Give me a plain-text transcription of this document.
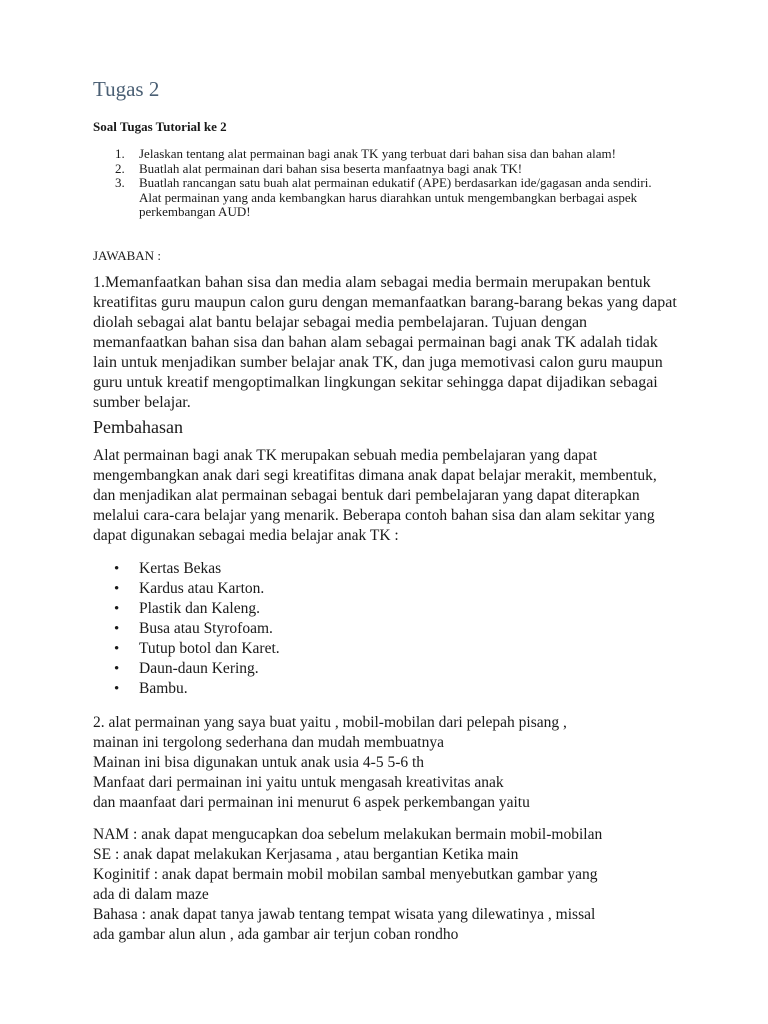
Tugas 2

Soal Tugas Tutorial ke 2

1. Jelaskan tentang alat permainan bagi anak TK yang terbuat dari bahan sisa dan bahan alam!
2. Buatlah alat permainan dari bahan sisa beserta manfaatnya bagi anak TK!
3. Buatlah rancangan satu buah alat permainan edukatif (APE) berdasarkan ide/gagasan anda sendiri. Alat permainan yang anda kembangkan harus diarahkan untuk mengembangkan berbagai aspek perkembangan AUD!

JAWABAN :

1.Memanfaatkan bahan sisa dan media alam sebagai media bermain merupakan bentuk kreatifitas guru maupun calon guru dengan memanfaatkan barang-barang bekas yang dapat diolah sebagai alat bantu belajar sebagai media pembelajaran. Tujuan dengan memanfaatkan bahan sisa dan bahan alam sebagai permainan bagi anak TK adalah tidak lain untuk menjadikan sumber belajar anak TK, dan juga memotivasi calon guru maupun guru untuk kreatif mengoptimalkan lingkungan sekitar sehingga dapat dijadikan sebagai sumber belajar.

Pembahasan

Alat permainan bagi anak TK merupakan sebuah media pembelajaran yang dapat mengembangkan anak dari segi kreatifitas dimana anak dapat belajar merakit, membentuk, dan menjadikan alat permainan sebagai bentuk dari pembelajaran yang dapat diterapkan melalui cara-cara belajar yang menarik. Beberapa contoh bahan sisa dan alam sekitar yang dapat digunakan sebagai media belajar anak TK :

• Kertas Bekas
• Kardus atau Karton.
• Plastik dan Kaleng.
• Busa atau Styrofoam.
• Tutup botol dan Karet.
• Daun-daun Kering.
• Bambu.
2. alat permainan yang saya buat yaitu , mobil-mobilan dari pelepah pisang ,
mainan ini tergolong sederhana dan mudah membuatnya
Mainan ini bisa digunakan untuk anak usia 4-5 5-6 th
Manfaat dari permainan ini yaitu untuk mengasah kreativitas anak
dan maanfaat dari permainan ini menurut 6 aspek perkembangan yaitu
NAM : anak dapat mengucapkan doa sebelum melakukan bermain mobil-mobilan
SE : anak dapat melakukan Kerjasama , atau bergantian Ketika main
Koginitif : anak dapat bermain mobil mobilan sambal menyebutkan gambar yang
ada di dalam maze
Bahasa : anak dapat tanya jawab tentang tempat wisata yang dilewatinya , missal
ada gambar alun alun , ada gambar air terjun coban rondho
